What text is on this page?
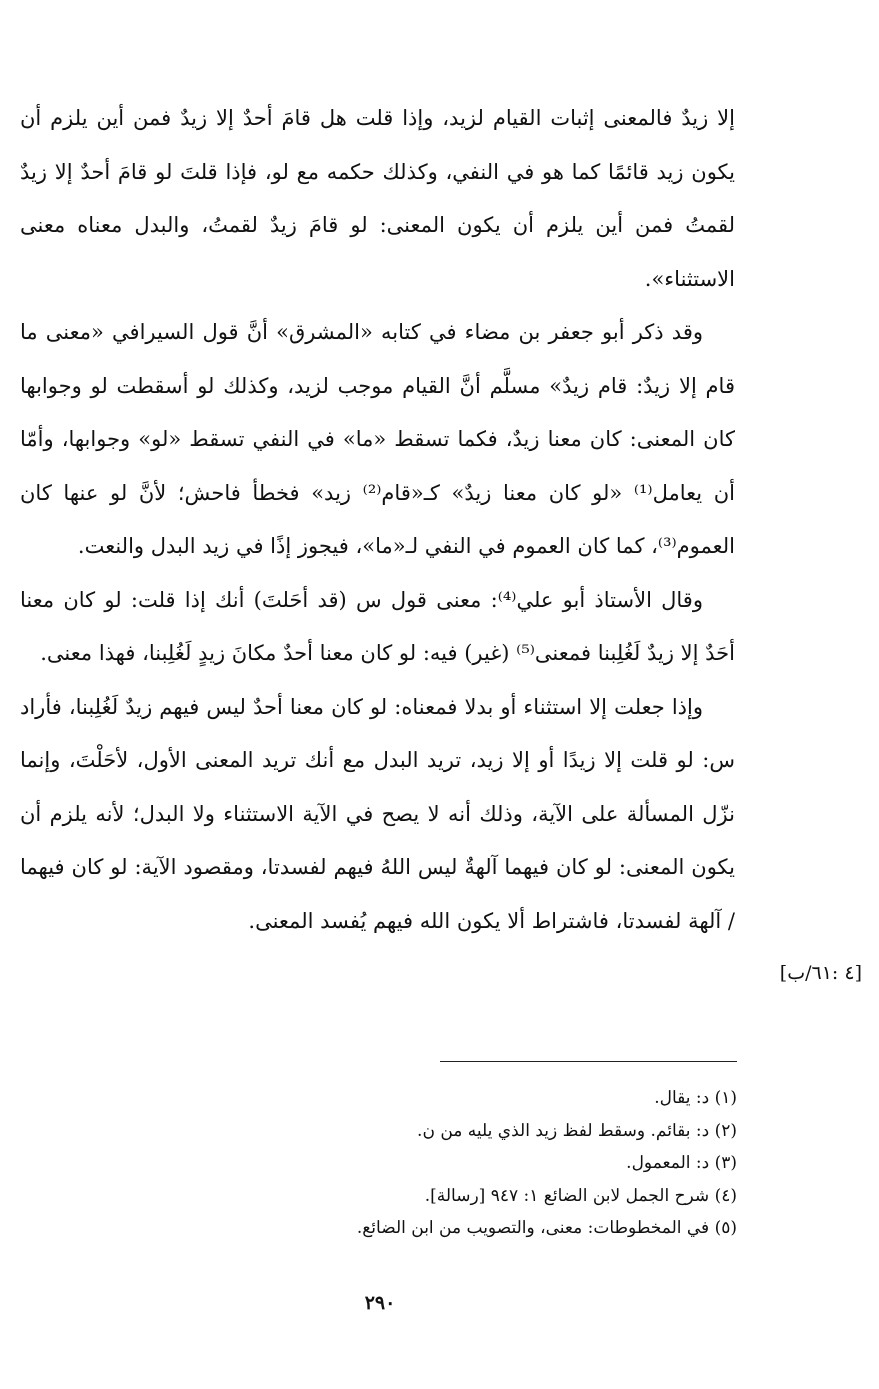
إلا زيدٌ فالمعنى إثبات القيام لزيد، وإذا قلت هل قامَ أحدٌ إلا زيدٌ فمن أين يلزم أن يكون زيد قائمًا كما هو في النفي، وكذلك حكمه مع لو، فإذا قلتَ لو قامَ أحدٌ إلا زيدٌ لقمتُ فمن أين يلزم أن يكون المعنى: لو قامَ زيدٌ لقمتُ، والبدل معناه معنى الاستثناء».

وقد ذكر أبو جعفر بن مضاء في كتابه «المشرق» أنَّ قول السيرافي «معنى ما قام إلا زيدٌ: قام زيدٌ» مسلَّم أنَّ القيام موجب لزيد، وكذلك لو أسقطت لو وجوابها كان المعنى: كان معنا زيدٌ، فكما تسقط «ما» في النفي تسقط «لو» وجوابها، وأمّا أن يعامل⁽¹⁾ «لو كان معنا زيدٌ» كـ«قام⁽²⁾ زيد» فخطأ فاحش؛ لأنَّ لو عنها كان العموم⁽³⁾، كما كان العموم في النفي لـ«ما»، فيجوز إذًا في زيد البدل والنعت.

وقال الأستاذ أبو علي⁽⁴⁾: معنى قول س (قد أحَلتَ) أنك إذا قلت: لو كان معنا أحَدٌ إلا زيدٌ لَغُلِبنا فمعنى⁽⁵⁾ (غير) فيه: لو كان معنا أحدٌ مكانَ زيدٍ لَغُلِبنا، فهذا معنى.

وإذا جعلت إلا استثناء أو بدلا فمعناه: لو كان معنا أحدٌ ليس فيهم زيدٌ لَغُلِبنا، فأراد س: لو قلت إلا زيدًا أو إلا زيد، تريد البدل مع أنك تريد المعنى الأول، لأحَلْتَ، وإنما نزّل المسألة على الآية، وذلك أنه لا يصح في الآية الاستثناء ولا البدل؛ لأنه يلزم أن يكون المعنى: لو كان فيهما آلهةٌ ليس اللهُ فيهم لفسدتا، ومقصود الآية: لو كان فيهما / آلهة لفسدتا، فاشتراط ألا يكون الله فيهم يُفسد المعنى.

[٤ :٦١/ب]

(١) د: يقال.

(٢) د: بقائم. وسقط لفظ زيد الذي يليه من ن.

(٣) د: المعمول.

(٤) شرح الجمل لابن الضائع ١: ٩٤٧ [رسالة].

(٥) في المخطوطات: معنى، والتصويب من ابن الضائع.

٢٩٠
